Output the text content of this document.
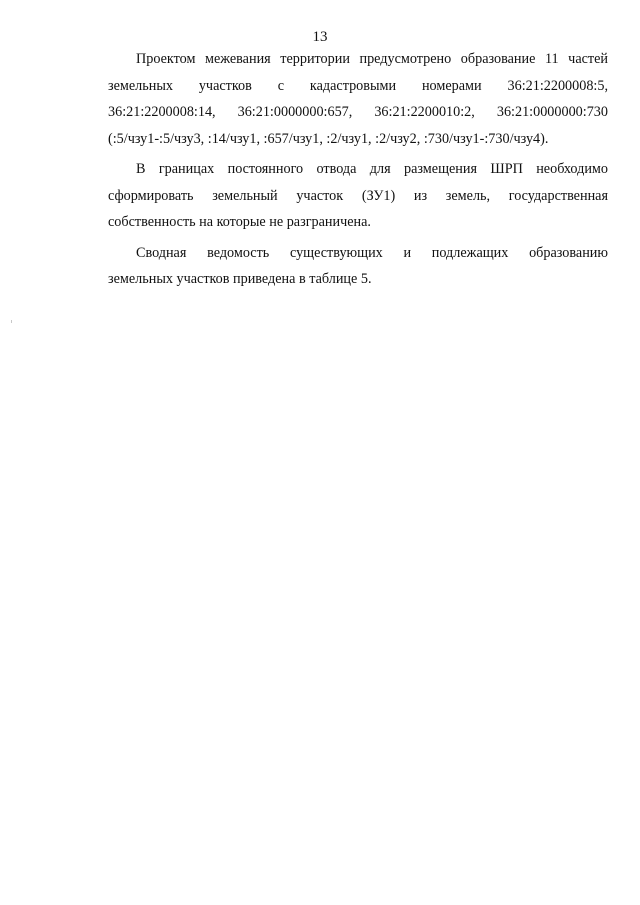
13

Проектом межевания территории предусмотрено образование 11 частей
земельных участков с кадастровыми номерами 36:21:2200008:5,
36:21:2200008:14, 36:21:0000000:657, 36:21:2200010:2, 36:21:0000000:730
(:5/чзу1-:5/чзу3, :14/чзу1, :657/чзу1, :2/чзу1, :2/чзу2, :730/чзу1-:730/чзу4).

В границах постоянного отвода для размещения ШРП необходимо
сформировать земельный участок (ЗУ1) из земель, государственная
собственность на которые не разграничена.

Сводная ведомость существующих и подлежащих образованию
земельных участков приведена в таблице 5.
